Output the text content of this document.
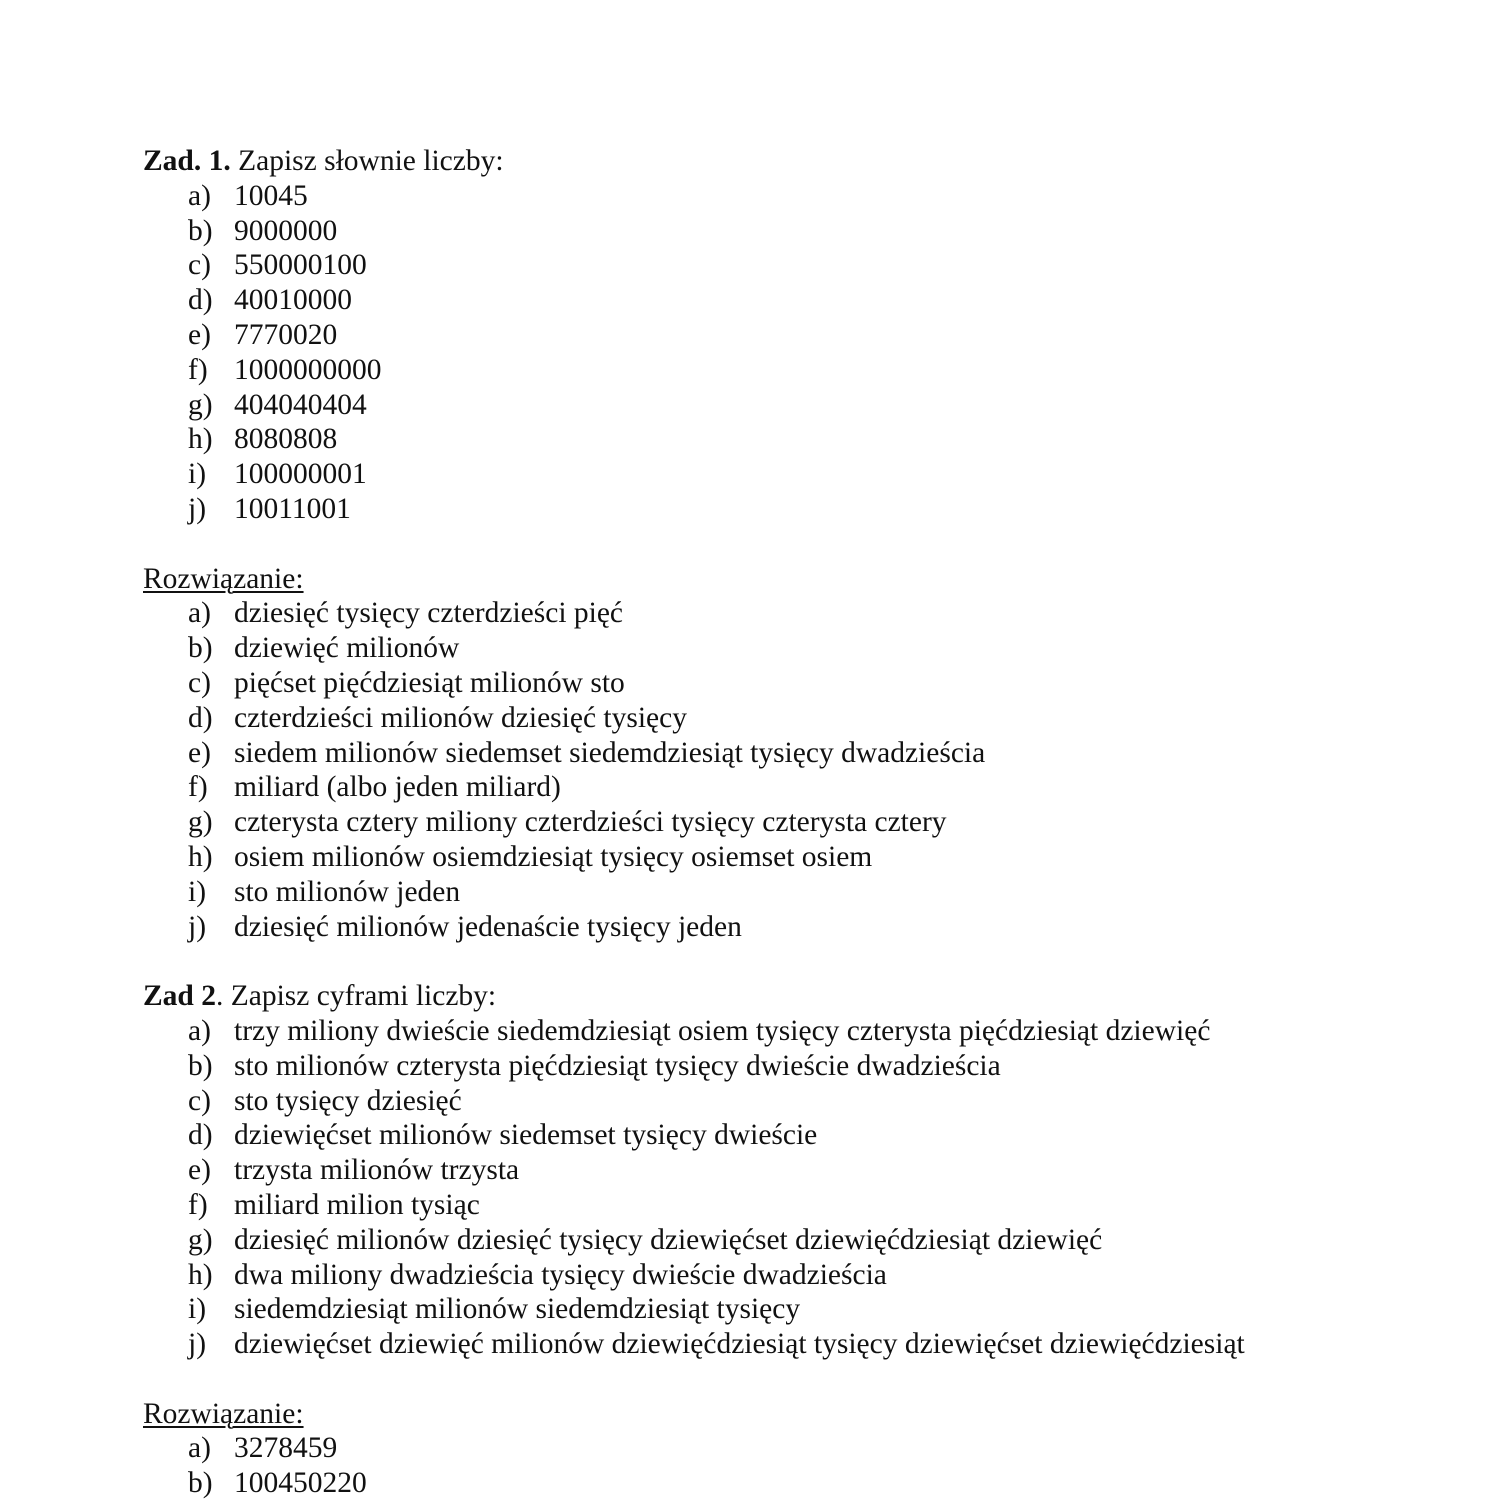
Zad. 1. Zapisz słownie liczby:
a) 10045
b) 9000000
c) 550000100
d) 40010000
e) 7770020
f) 1000000000
g) 404040404
h) 8080808
i) 100000001
j) 10011001
Rozwiązanie:
a) dziesięć tysięcy czterdzieści pięć
b) dziewięć milionów
c) pięćset pięćdziesiąt milionów sto
d) czterdzieści milionów dziesięć tysięcy
e) siedem milionów siedemset siedemdziesiąt tysięcy dwadzieścia
f) miliard (albo jeden miliard)
g) czterysta cztery miliony czterdzieści tysięcy czterysta cztery
h) osiem milionów osiemdziesiąt tysięcy osiemset osiem
i) sto milionów jeden
j) dziesięć milionów jedenaście tysięcy jeden
Zad 2. Zapisz cyframi liczby:
a) trzy miliony dwieście siedemdziesiąt osiem tysięcy czterysta pięćdziesiąt dziewięć
b) sto milionów czterysta pięćdziesiąt tysięcy dwieście dwadzieścia
c) sto tysięcy dziesięć
d) dziewięćset milionów siedemset tysięcy dwieście
e) trzysta milionów trzysta
f) miliard milion tysiąc
g) dziesięć milionów dziesięć tysięcy dziewięćset dziewięćdziesiąt dziewięć
h) dwa miliony dwadzieścia tysięcy dwieście dwadzieścia
i) siedemdziesiąt milionów siedemdziesiąt tysięcy
j) dziewięćset dziewięć milionów dziewięćdziesiąt tysięcy dziewięćset dziewięćdziesiąt
Rozwiązanie:
a) 3278459
b) 100450220
